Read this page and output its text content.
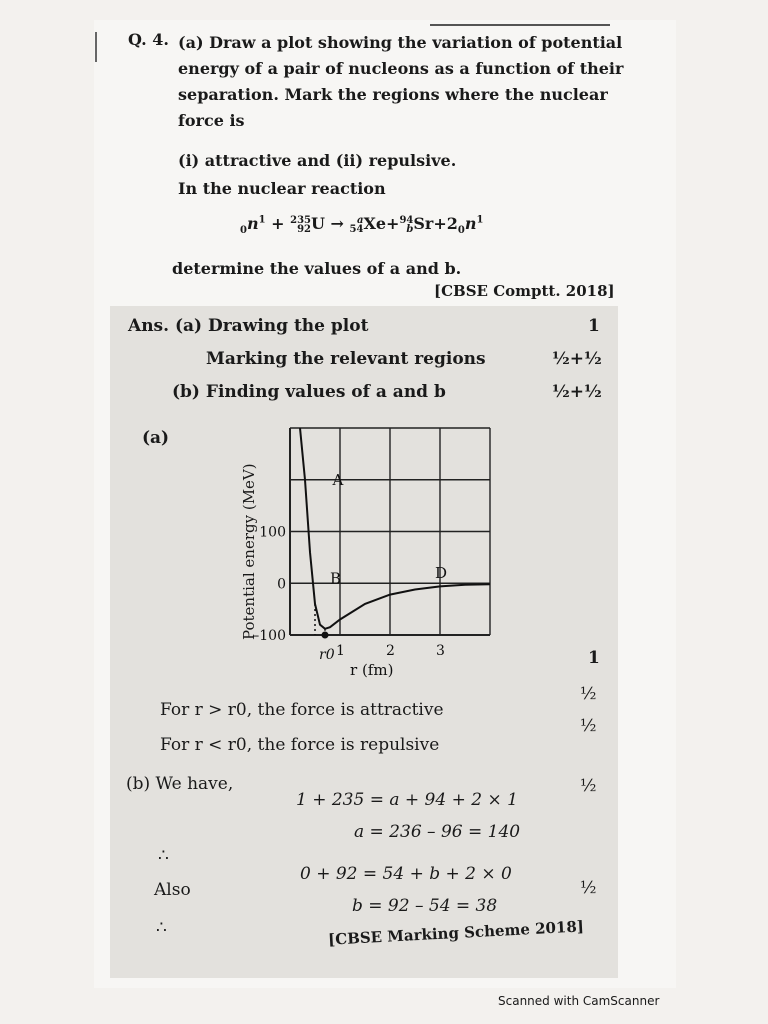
Q. 4. (a) Draw a plot showing the variation of potential
energy of a pair of nucleons as a function of their
separation. Mark the regions where the nuclear
force is
(i) attractive and (ii) repulsive.
In the nuclear reaction
$_0n^1 + 235$
92U → a
54Xe+94
$bSr+2_0n^1$
determine the values of a and b.
[CBSE Comptt. 2018]
Ans. (a) Drawing the plot	1
Marking the relevant regions	½+½
(b) Finding values of a and b	½+½
(a)
Potential energy (MeV)
1	2	3
r0
r (fm)
100
0
–100
A
B	D
1
For r > r0, the force is attractive
½
For r < r0, the force is repulsive
½
(b) We have,
1 + 235 = a + 94 + 2 × 1
½
∴
a = 236 – 96 = 140
Also
0 + 92 = 54 + b + 2 × 0
b = 92 – 54 = 38
½
∴	[CBSE Marking Scheme 2018]
Scanned with CamScanner
